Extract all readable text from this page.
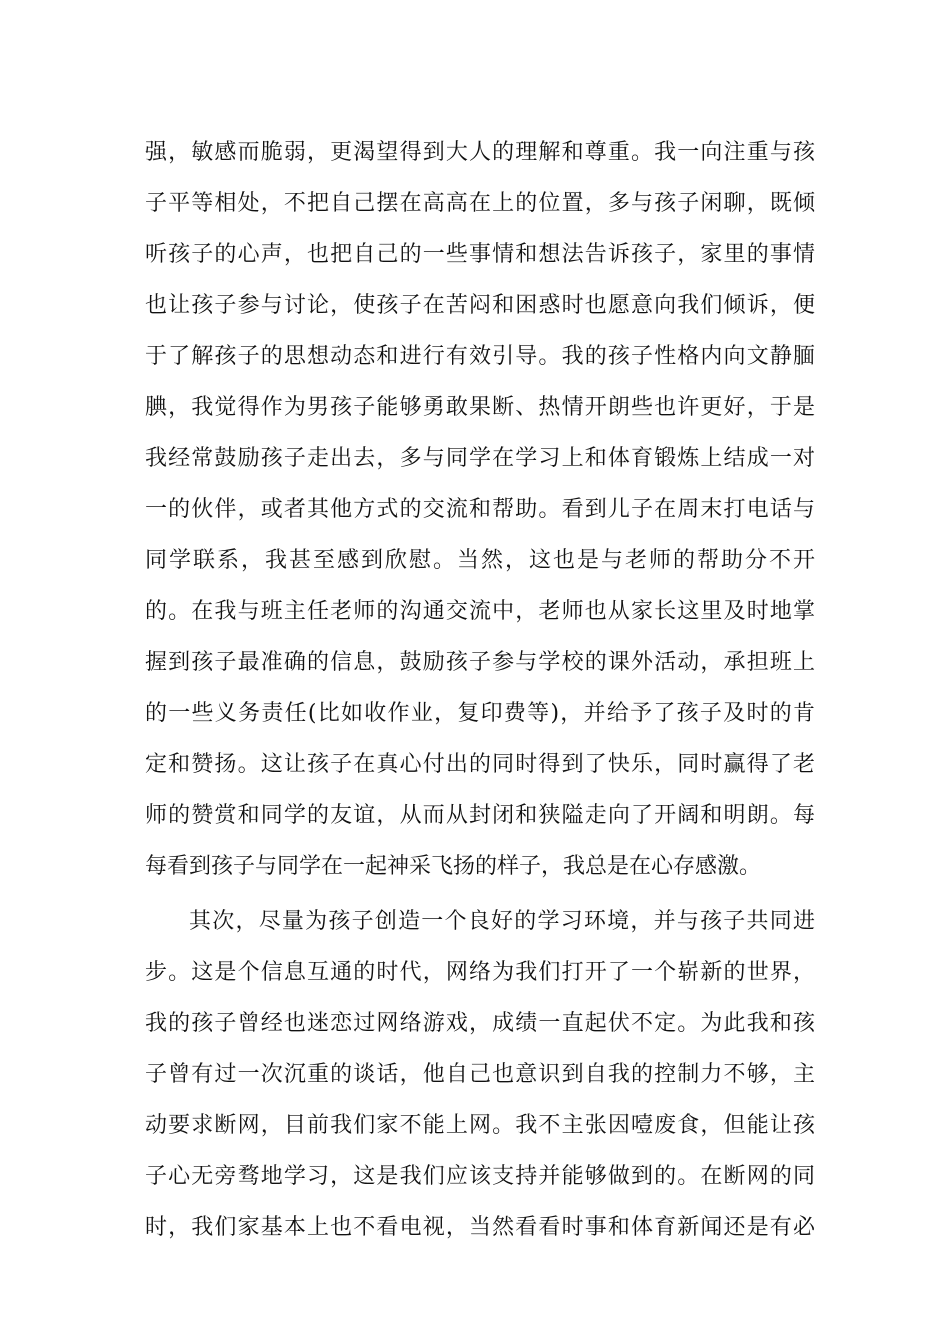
强，敏感而脆弱，更渴望得到大人的理解和尊重。我一向注重与孩
子平等相处，不把自己摆在高高在上的位置，多与孩子闲聊，既倾
听孩子的心声，也把自己的一些事情和想法告诉孩子，家里的事情
也让孩子参与讨论，使孩子在苦闷和困惑时也愿意向我们倾诉，便
于了解孩子的思想动态和进行有效引导。我的孩子性格内向文静腼
腆，我觉得作为男孩子能够勇敢果断、热情开朗些也许更好，于是
我经常鼓励孩子走出去，多与同学在学习上和体育锻炼上结成一对
一的伙伴，或者其他方式的交流和帮助。看到儿子在周末打电话与
同学联系，我甚至感到欣慰。当然，这也是与老师的帮助分不开
的。在我与班主任老师的沟通交流中，老师也从家长这里及时地掌
握到孩子最准确的信息，鼓励孩子参与学校的课外活动，承担班上
的一些义务责任(比如收作业，复印费等)，并给予了孩子及时的肯
定和赞扬。这让孩子在真心付出的同时得到了快乐，同时赢得了老
师的赞赏和同学的友谊，从而从封闭和狭隘走向了开阔和明朗。每
每看到孩子与同学在一起神采飞扬的样子，我总是在心存感激。
其次，尽量为孩子创造一个良好的学习环境，并与孩子共同进
步。这是个信息互通的时代，网络为我们打开了一个崭新的世界，
我的孩子曾经也迷恋过网络游戏，成绩一直起伏不定。为此我和孩
子曾有过一次沉重的谈话，他自己也意识到自我的控制力不够，主
动要求断网，目前我们家不能上网。我不主张因噎废食，但能让孩
子心无旁骛地学习，这是我们应该支持并能够做到的。在断网的同
时，我们家基本上也不看电视，当然看看时事和体育新闻还是有必
